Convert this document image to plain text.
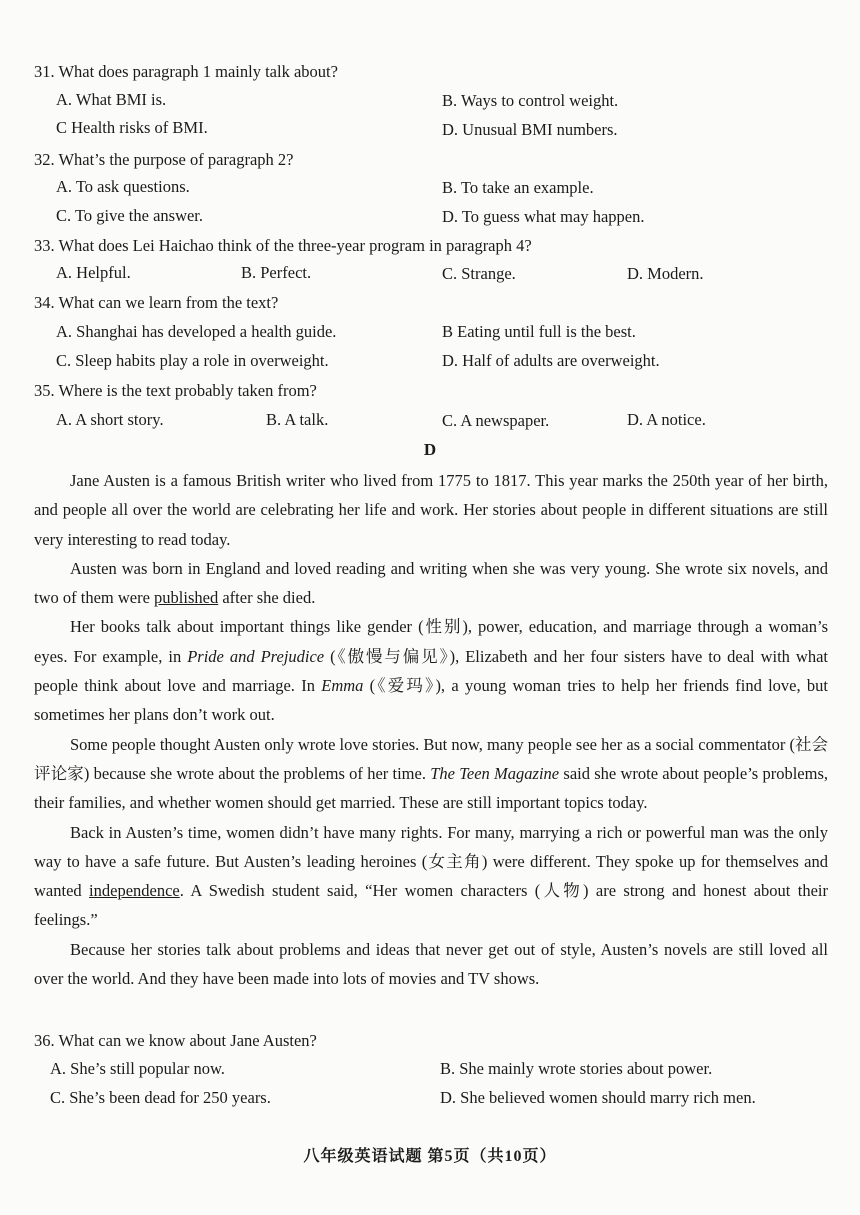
31. What does paragraph 1 mainly talk about?
A. What BMI is.	B. Ways to control weight.
C Health risks of BMI.	D. Unusual BMI numbers.
32. What’s the purpose of paragraph 2?
A. To ask questions.	B. To take an example.
C. To give the answer.	D. To guess what may happen.
33. What does Lei Haichao think of the three-year program in paragraph 4?
A. Helpful.	B. Perfect.	C. Strange.	D. Modern.
34. What can we learn from the text?
A. Shanghai has developed a health guide.	B Eating until full is the best.
C. Sleep habits play a role in overweight.	D. Half of adults are overweight.
35. Where is the text probably taken from?
A. A short story.	B. A talk.	C. A newspaper.	D. A notice.
D

Jane Austen is a famous British writer who lived from 1775 to 1817. This year marks the 250th year of her birth, and people all over the world are celebrating her life and work. Her stories about people in different situations are still very interesting to read today.

Austen was born in England and loved reading and writing when she was very young. She wrote six novels, and two of them were published after she died.

Her books talk about important things like gender (性别), power, education, and marriage through a woman’s eyes. For example, in Pride and Prejudice (《傲慢与偏见》), Elizabeth and her four sisters have to deal with what people think about love and marriage. In Emma (《爱玛》), a young woman tries to help her friends find love, but sometimes her plans don’t work out.

Some people thought Austen only wrote love stories. But now, many people see her as a social commentator (社会评论家) because she wrote about the problems of her time. The Teen Magazine said she wrote about people’s problems, their families, and whether women should get married. These are still important topics today.

Back in Austen’s time, women didn’t have many rights. For many, marrying a rich or powerful man was the only way to have a safe future. But Austen’s leading heroines (女主角) were different. They spoke up for themselves and wanted independence. A Swedish student said, “Her women characters (人物) are strong and honest about their feelings.”

Because her stories talk about problems and ideas that never get out of style, Austen’s novels are still loved all over the world. And they have been made into lots of movies and TV shows.

36. What can we know about Jane Austen?
A. She’s still popular now.	B. She mainly wrote stories about power.
C. She’s been dead for 250 years.	D. She believed women should marry rich men.
八年级英语试题 第5页（共10页）
